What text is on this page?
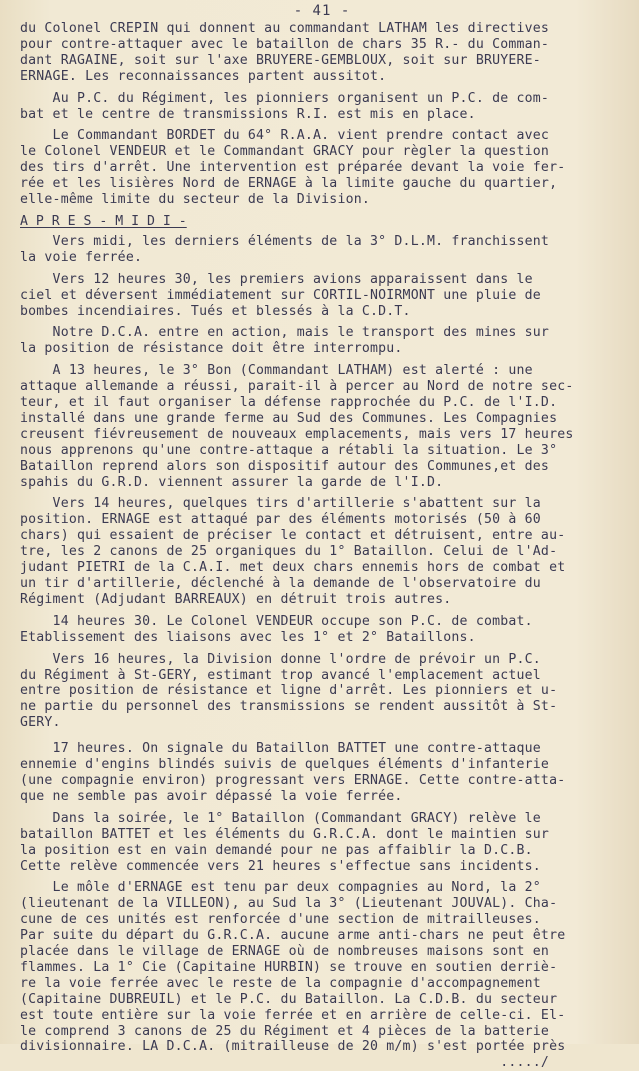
- 41 -
du Colonel CREPIN qui donnent au commandant LATHAM les directives
pour contre-attaquer avec le bataillon de chars 35 R.- du Comman-
dant RAGAINE, soit sur l'axe BRUYERE-GEMBLOUX, soit sur BRUYERE-
ERNAGE. Les reconnaissances partent aussitot.
Au P.C. du Régiment, les pionniers organisent un P.C. de com-
bat et le centre de transmissions R.I. est mis en place.
Le Commandant BORDET du 64° R.A.A. vient prendre contact avec
le Colonel VENDEUR et le Commandant GRACY pour règler la question
des tirs d'arrêt. Une intervention est préparée devant la voie fer-
rée et les lisières Nord de ERNAGE à la limite gauche du quartier,
elle-même limite du secteur de la Division.
A P R E S - M I D I -
Vers midi, les derniers éléments de la 3° D.L.M. franchissent
la voie ferrée.
Vers 12 heures 30, les premiers avions apparaissent dans le
ciel et déversent immédiatement sur CORTIL-NOIRMONT une pluie de
bombes incendiaires. Tués et blessés à la C.D.T.
Notre D.C.A. entre en action, mais le transport des mines sur
la position de résistance doit être interrompu.
A 13 heures, le 3° Bon (Commandant LATHAM) est alerté : une
attaque allemande a réussi, parait-il à percer au Nord de notre sec-
teur, et il faut organiser la défense rapprochée du P.C. de l'I.D.
installé dans une grande ferme au Sud des Communes. Les Compagnies
creusent fiévreusement de nouveaux emplacements, mais vers 17 heures
nous apprenons qu'une contre-attaque a rétabli la situation. Le 3°
Bataillon reprend alors son dispositif autour des Communes,et des
spahis du G.R.D. viennent assurer la garde de l'I.D.
Vers 14 heures, quelques tirs d'artillerie s'abattent sur la
position. ERNAGE est attaqué par des éléments motorisés (50 à 60
chars) qui essaient de préciser le contact et détruisent, entre au-
tre, les 2 canons de 25 organiques du 1° Bataillon. Celui de l'Ad-
judant PIETRI de la C.A.I. met deux chars ennemis hors de combat et
un tir d'artillerie, déclenché à la demande de l'observatoire du
Régiment (Adjudant BARREAUX) en détruit trois autres.
14 heures 30. Le Colonel VENDEUR occupe son P.C. de combat.
Etablissement des liaisons avec les 1° et 2° Bataillons.
Vers 16 heures, la Division donne l'ordre de prévoir un P.C.
du Régiment à St-GERY, estimant trop avancé l'emplacement actuel
entre position de résistance et ligne d'arrêt. Les pionniers et u-
ne partie du personnel des transmissions se rendent aussitôt à St-
GERY.
17 heures. On signale du Bataillon BATTET une contre-attaque
ennemie d'engins blindés suivis de quelques éléments d'infanterie
(une compagnie environ) progressant vers ERNAGE. Cette contre-atta-
que ne semble pas avoir dépassé la voie ferrée.
Dans la soirée, le 1° Bataillon (Commandant GRACY) relève le
bataillon BATTET et les éléments du G.R.C.A. dont le maintien sur
la position est en vain demandé pour ne pas affaiblir la D.C.B.
Cette relève commencée vers 21 heures s'effectue sans incidents.
Le môle d'ERNAGE est tenu par deux compagnies au Nord, la 2°
(lieutenant de la VILLEON), au Sud la 3° (Lieutenant JOUVAL). Cha-
cune de ces unités est renforcée d'une section de mitrailleuses.
Par suite du départ du G.R.C.A. aucune arme anti-chars ne peut être
placée dans le village de ERNAGE où de nombreuses maisons sont en
flammes. La 1° Cie (Capitaine HURBIN) se trouve en soutien derriè-
re la voie ferrée avec le reste de la compagnie d'accompagnement
(Capitaine DUBREUIL) et le P.C. du Bataillon. La C.D.B. du secteur
est toute entière sur la voie ferrée et en arrière de celle-ci. El-
le comprend 3 canons de 25 du Régiment et 4 pièces de la batterie
divisionnaire. LA D.C.A. (mitrailleuse de 20 m/m) s'est portée près
...../
